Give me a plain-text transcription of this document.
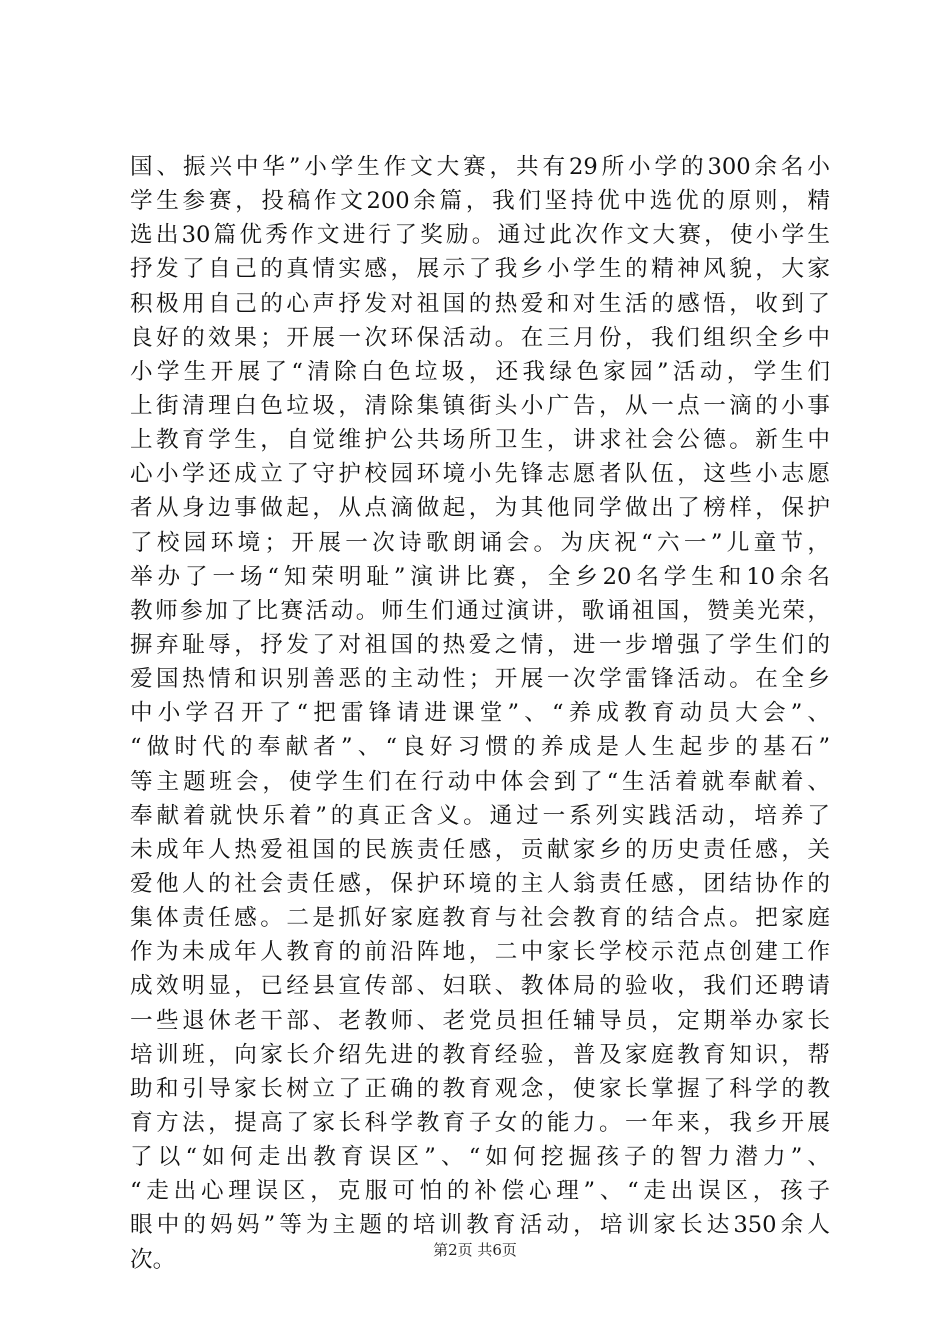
国、振兴中华”小学生作文大赛，共有29所小学的300余名小
学生参赛，投稿作文200余篇，我们坚持优中选优的原则，精
选出30篇优秀作文进行了奖励。通过此次作文大赛，使小学生
抒发了自己的真情实感，展示了我乡小学生的精神风貌，大家
积极用自己的心声抒发对祖国的热爱和对生活的感悟，收到了
良好的效果；开展一次环保活动。在三月份，我们组织全乡中
小学生开展了“清除白色垃圾，还我绿色家园”活动，学生们
上街清理白色垃圾，清除集镇街头小广告，从一点一滴的小事
上教育学生，自觉维护公共场所卫生，讲求社会公德。新生中
心小学还成立了守护校园环境小先锋志愿者队伍，这些小志愿
者从身边事做起，从点滴做起，为其他同学做出了榜样，保护
了校园环境；开展一次诗歌朗诵会。为庆祝“六一”儿童节，
举办了一场“知荣明耻”演讲比赛，全乡20名学生和10余名
教师参加了比赛活动。师生们通过演讲，歌诵祖国，赞美光荣，
摒弃耻辱，抒发了对祖国的热爱之情，进一步增强了学生们的
爱国热情和识别善恶的主动性；开展一次学雷锋活动。在全乡
中小学召开了“把雷锋请进课堂”、“养成教育动员大会”、
“做时代的奉献者”、“良好习惯的养成是人生起步的基石”
等主题班会，使学生们在行动中体会到了“生活着就奉献着、
奉献着就快乐着”的真正含义。通过一系列实践活动，培养了
未成年人热爱祖国的民族责任感，贡献家乡的历史责任感，关
爱他人的社会责任感，保护环境的主人翁责任感，团结协作的
集体责任感。二是抓好家庭教育与社会教育的结合点。把家庭
作为未成年人教育的前沿阵地，二中家长学校示范点创建工作
成效明显，已经县宣传部、妇联、教体局的验收，我们还聘请
一些退休老干部、老教师、老党员担任辅导员，定期举办家长
培训班，向家长介绍先进的教育经验，普及家庭教育知识，帮
助和引导家长树立了正确的教育观念，使家长掌握了科学的教
育方法，提高了家长科学教育子女的能力。一年来，我乡开展
了以“如何走出教育误区”、“如何挖掘孩子的智力潜力”、
“走出心理误区，克服可怕的补偿心理”、“走出误区，孩子
眼中的妈妈”等为主题的培训教育活动，培训家长达350余人
次。	第2页 共6页
